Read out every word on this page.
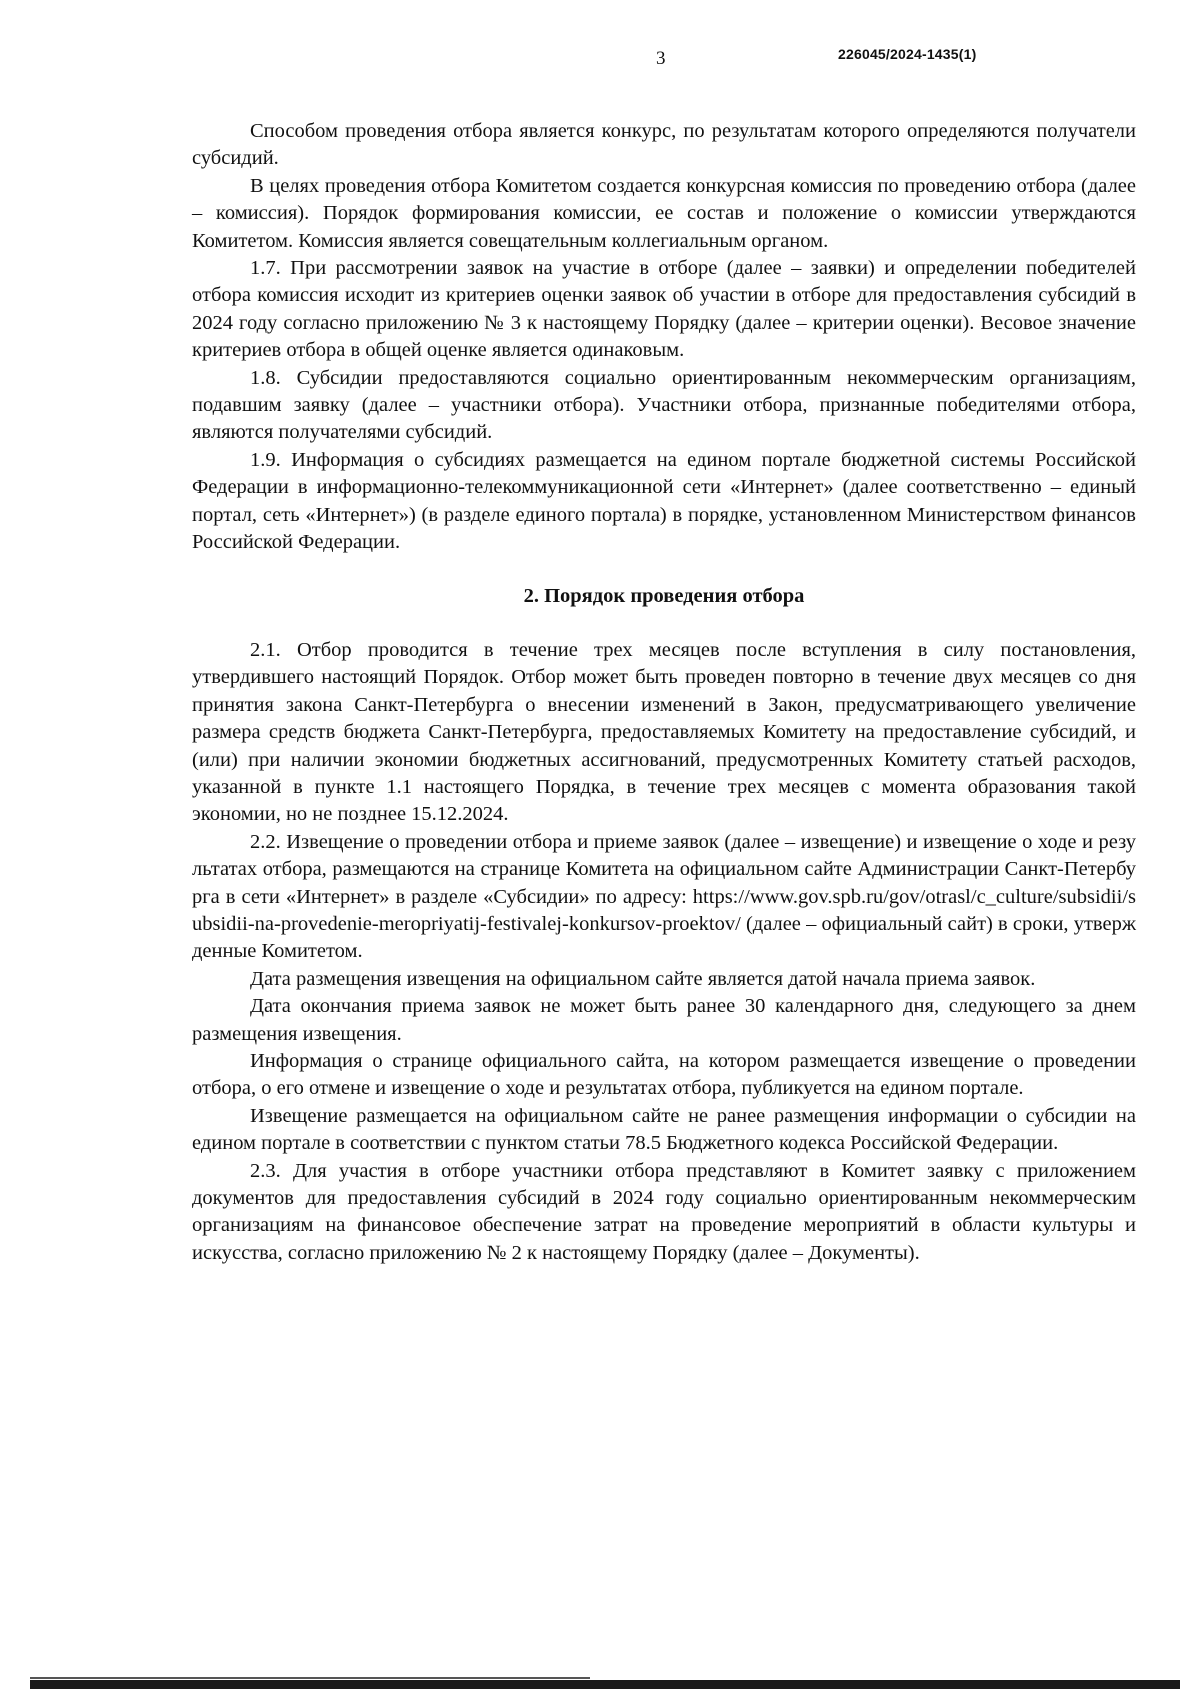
3	226045/2024-1435(1)

Способом проведения отбора является конкурс, по результатам которого определяются получатели субсидий.

В целях проведения отбора Комитетом создается конкурсная комиссия по проведению отбора (далее – комиссия). Порядок формирования комиссии, ее состав и положение о комиссии утверждаются Комитетом. Комиссия является совещательным коллегиальным органом.

1.7. При рассмотрении заявок на участие в отборе (далее – заявки) и определении победителей отбора комиссия исходит из критериев оценки заявок об участии в отборе для предоставления субсидий в 2024 году согласно приложению № 3 к настоящему Порядку (далее – критерии оценки). Весовое значение критериев отбора в общей оценке является одинаковым.

1.8. Субсидии предоставляются социально ориентированным некоммерческим организациям, подавшим заявку (далее – участники отбора). Участники отбора, признанные победителями отбора, являются получателями субсидий.

1.9. Информация о субсидиях размещается на едином портале бюджетной системы Российской Федерации в информационно-телекоммуникационной сети «Интернет» (далее соответственно – единый портал, сеть «Интернет») (в разделе единого портала) в порядке, установленном Министерством финансов Российской Федерации.

2. Порядок проведения отбора

2.1. Отбор проводится в течение трех месяцев после вступления в силу постановления, утвердившего настоящий Порядок. Отбор может быть проведен повторно в течение двух месяцев со дня принятия закона Санкт-Петербурга о внесении изменений в Закон, предусматривающего увеличение размера средств бюджета Санкт-Петербурга, предоставляемых Комитету на предоставление субсидий, и (или) при наличии экономии бюджетных ассигнований, предусмотренных Комитету статьей расходов, указанной в пункте 1.1 настоящего Порядка, в течение трех месяцев с момента образования такой экономии, но не позднее 15.12.2024.

2.2. Извещение о проведении отбора и приеме заявок (далее – извещение) и извещение о ходе и результатах отбора, размещаются на странице Комитета на официальном сайте Администрации Санкт-Петербурга в сети «Интернет» в разделе «Субсидии» по адресу: https://www.gov.spb.ru/gov/otrasl/c_culture/subsidii/subsidii-na-provedenie-meropriyatij-festivalej-konkursov-proektov/ (далее – официальный сайт) в сроки, утвержденные Комитетом.

Дата размещения извещения на официальном сайте является датой начала приема заявок.

Дата окончания приема заявок не может быть ранее 30 календарного дня, следующего за днем размещения извещения.

Информация о странице официального сайта, на котором размещается извещение о проведении отбора, о его отмене и извещение о ходе и результатах отбора, публикуется на едином портале.

Извещение размещается на официальном сайте не ранее размещения информации о субсидии на едином портале в соответствии с пунктом статьи 78.5 Бюджетного кодекса Российской Федерации.

2.3. Для участия в отборе участники отбора представляют в Комитет заявку с приложением документов для предоставления субсидий в 2024 году социально ориентированным некоммерческим организациям на финансовое обеспечение затрат на проведение мероприятий в области культуры и искусства, согласно приложению № 2 к настоящему Порядку (далее – Документы).
